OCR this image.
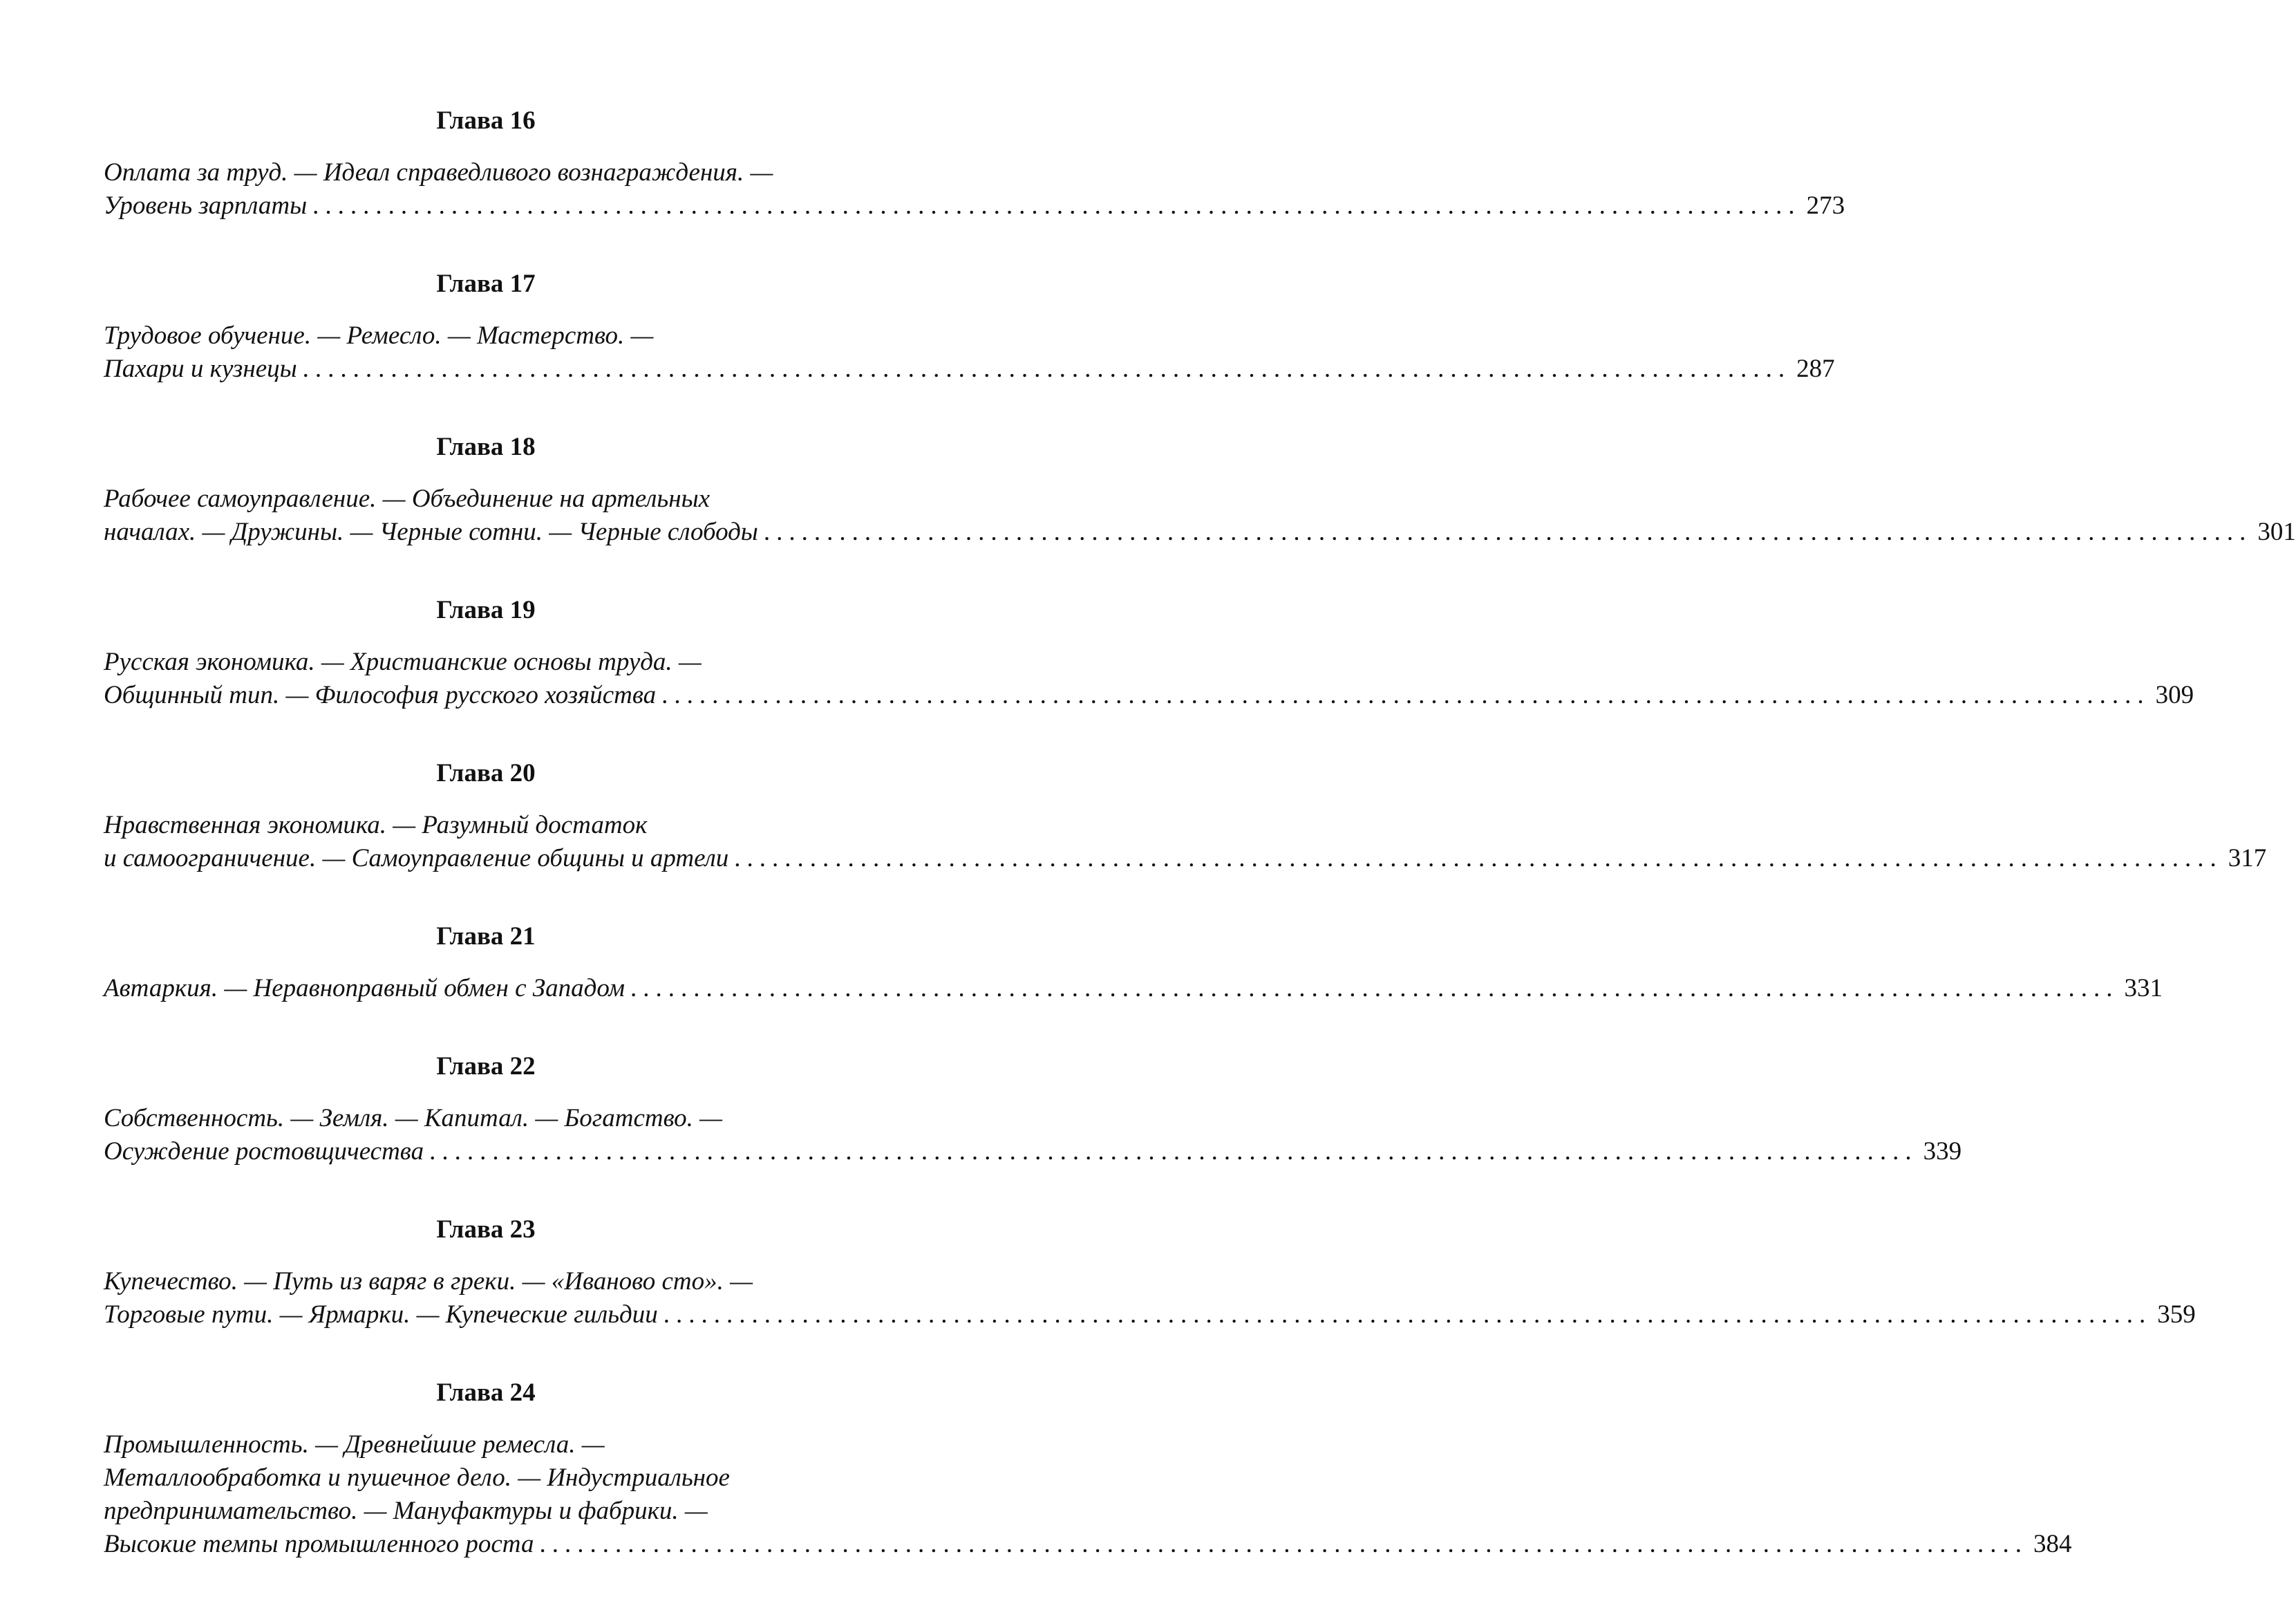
Глава 16
Оплата за труд. — Идеал справедливого вознаграждения. —
Уровень зарплаты ...................................................................................................................... 273
Глава 17
Трудовое обучение. — Ремесло. — Мастерство. —
Пахари и кузнецы ...................................................................................................................... 287
Глава 18
Рабочее самоуправление. — Объединение на артельных
началах. — Дружины. — Черные сотни. — Черные слободы ...................................................................................................................... 301
Глава 19
Русская экономика. — Христианские основы труда. —
Общинный тип. — Философия русского хозяйства ...................................................................................................................... 309
Глава 20
Нравственная экономика. — Разумный достаток
и самоограничение. — Самоуправление общины и артели ...................................................................................................................... 317
Глава 21
Автаркия. — Неравноправный обмен с Западом ...................................................................................................................... 331
Глава 22
Собственность. — Земля. — Капитал. — Богатство. —
Осуждение ростовщичества ...................................................................................................................... 339
Глава 23
Купечество. — Путь из варяг в греки. — «Иваново сто». —
Торговые пути. — Ярмарки. — Купеческие гильдии ...................................................................................................................... 359
Глава 24
Промышленность. — Древнейшие ремесла. —
Металлообработка и пушечное дело. — Индустриальное
предпринимательство. — Мануфактуры и фабрики. —
Высокие темпы промышленного роста ...................................................................................................................... 384
